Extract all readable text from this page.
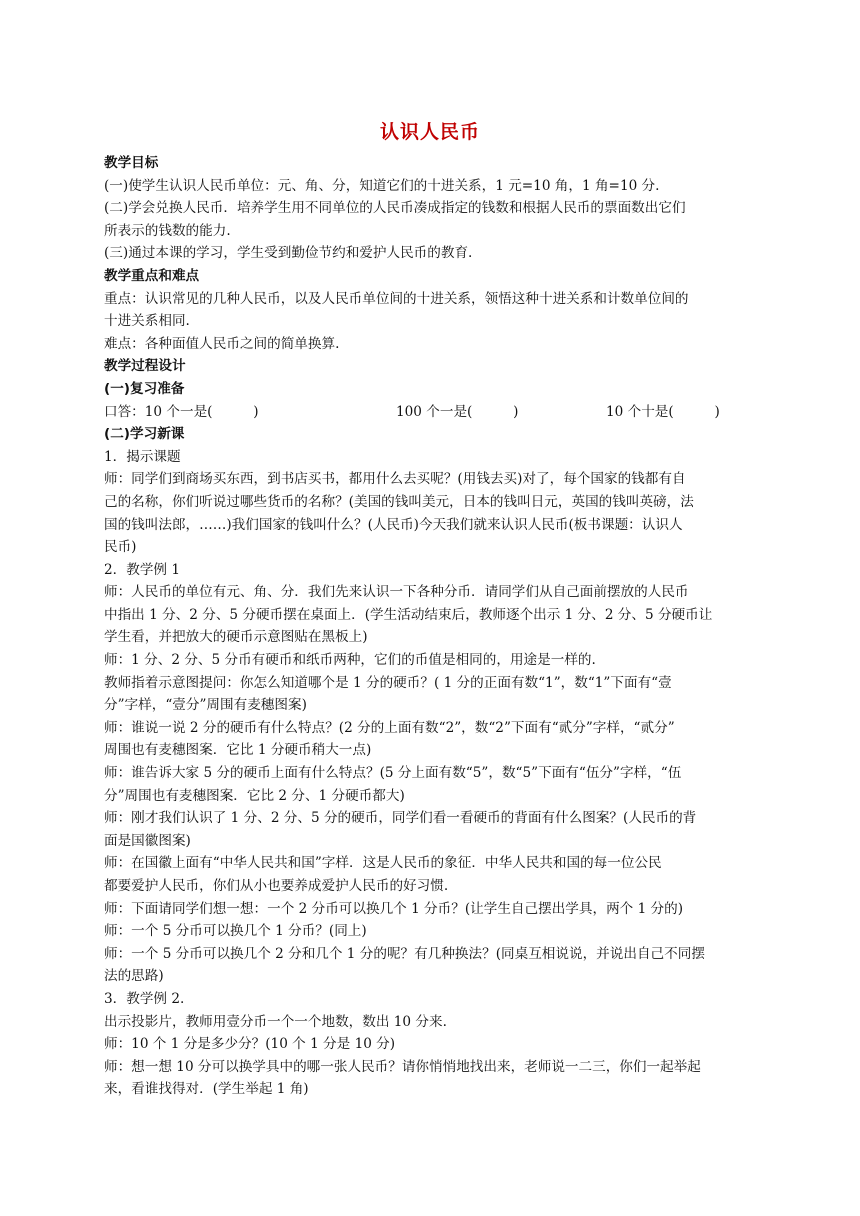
认识人民币
教学目标
(一)使学生认识人民币单位：元、角、分，知道它们的十进关系，1 元=10 角，1 角=10 分.
(二)学会兑换人民币．培养学生用不同单位的人民币凑成指定的钱数和根据人民币的票面数出它们
所表示的钱数的能力.
(三)通过本课的学习，学生受到勤俭节约和爱护人民币的教育.
教学重点和难点
重点：认识常见的几种人民币，以及人民币单位间的十进关系，领悟这种十进关系和计数单位间的
十进关系相同.
难点：各种面值人民币之间的简单换算.
教学过程设计
(一)复习准备
口答：10 个一是(　　　)	100 个一是(　　　)	10 个十是(　　　)
(二)学习新课
1．揭示课题
师：同学们到商场买东西，到书店买书，都用什么去买呢？(用钱去买)对了，每个国家的钱都有自
己的名称，你们听说过哪些货币的名称？(美国的钱叫美元，日本的钱叫日元，英国的钱叫英磅，法
国的钱叫法郎，……)我们国家的钱叫什么？(人民币)今天我们就来认识人民币(板书课题：认识人
民币)
2．教学例 1
师：人民币的单位有元、角、分．我们先来认识一下各种分币．请同学们从自己面前摆放的人民币
中指出 1 分、2 分、5 分硬币摆在桌面上．(学生活动结束后，教师逐个出示 1 分、2 分、5 分硬币让
学生看，并把放大的硬币示意图贴在黑板上)
师：1 分、2 分、5 分币有硬币和纸币两种，它们的币值是相同的，用途是一样的.
教师指着示意图提问：你怎么知道哪个是 1 分的硬币？( 1 分的正面有数“1”，数“1”下面有“壹
分”字样，“壹分”周围有麦穗图案)
师：谁说一说 2 分的硬币有什么特点？(2 分的上面有数“2”，数“2”下面有“贰分”字样，“贰分”
周围也有麦穗图案．它比 1 分硬币稍大一点)
师：谁告诉大家 5 分的硬币上面有什么特点？(5 分上面有数“5”，数“5”下面有“伍分”字样，“伍
分”周围也有麦穗图案．它比 2 分、1 分硬币都大)
师：刚才我们认识了 1 分、2 分、5 分的硬币，同学们看一看硬币的背面有什么图案？(人民币的背
面是国徽图案)
师：在国徽上面有“中华人民共和国”字样．这是人民币的象征．中华人民共和国的每一位公民
都要爱护人民币，你们从小也要养成爱护人民币的好习惯.
师：下面请同学们想一想：一个 2 分币可以换几个 1 分币？(让学生自己摆出学具，两个 1 分的)
师：一个 5 分币可以换几个 1 分币？(同上)
师：一个 5 分币可以换几个 2 分和几个 1 分的呢？有几种换法？(同桌互相说说，并说出自己不同摆
法的思路)
3．教学例 2.
出示投影片，教师用壹分币一个一个地数，数出 10 分来.
师：10 个 1 分是多少分？(10 个 1 分是 10 分)
师：想一想 10 分可以换学具中的哪一张人民币？请你悄悄地找出来，老师说一二三，你们一起举起
来，看谁找得对．(学生举起 1 角)
